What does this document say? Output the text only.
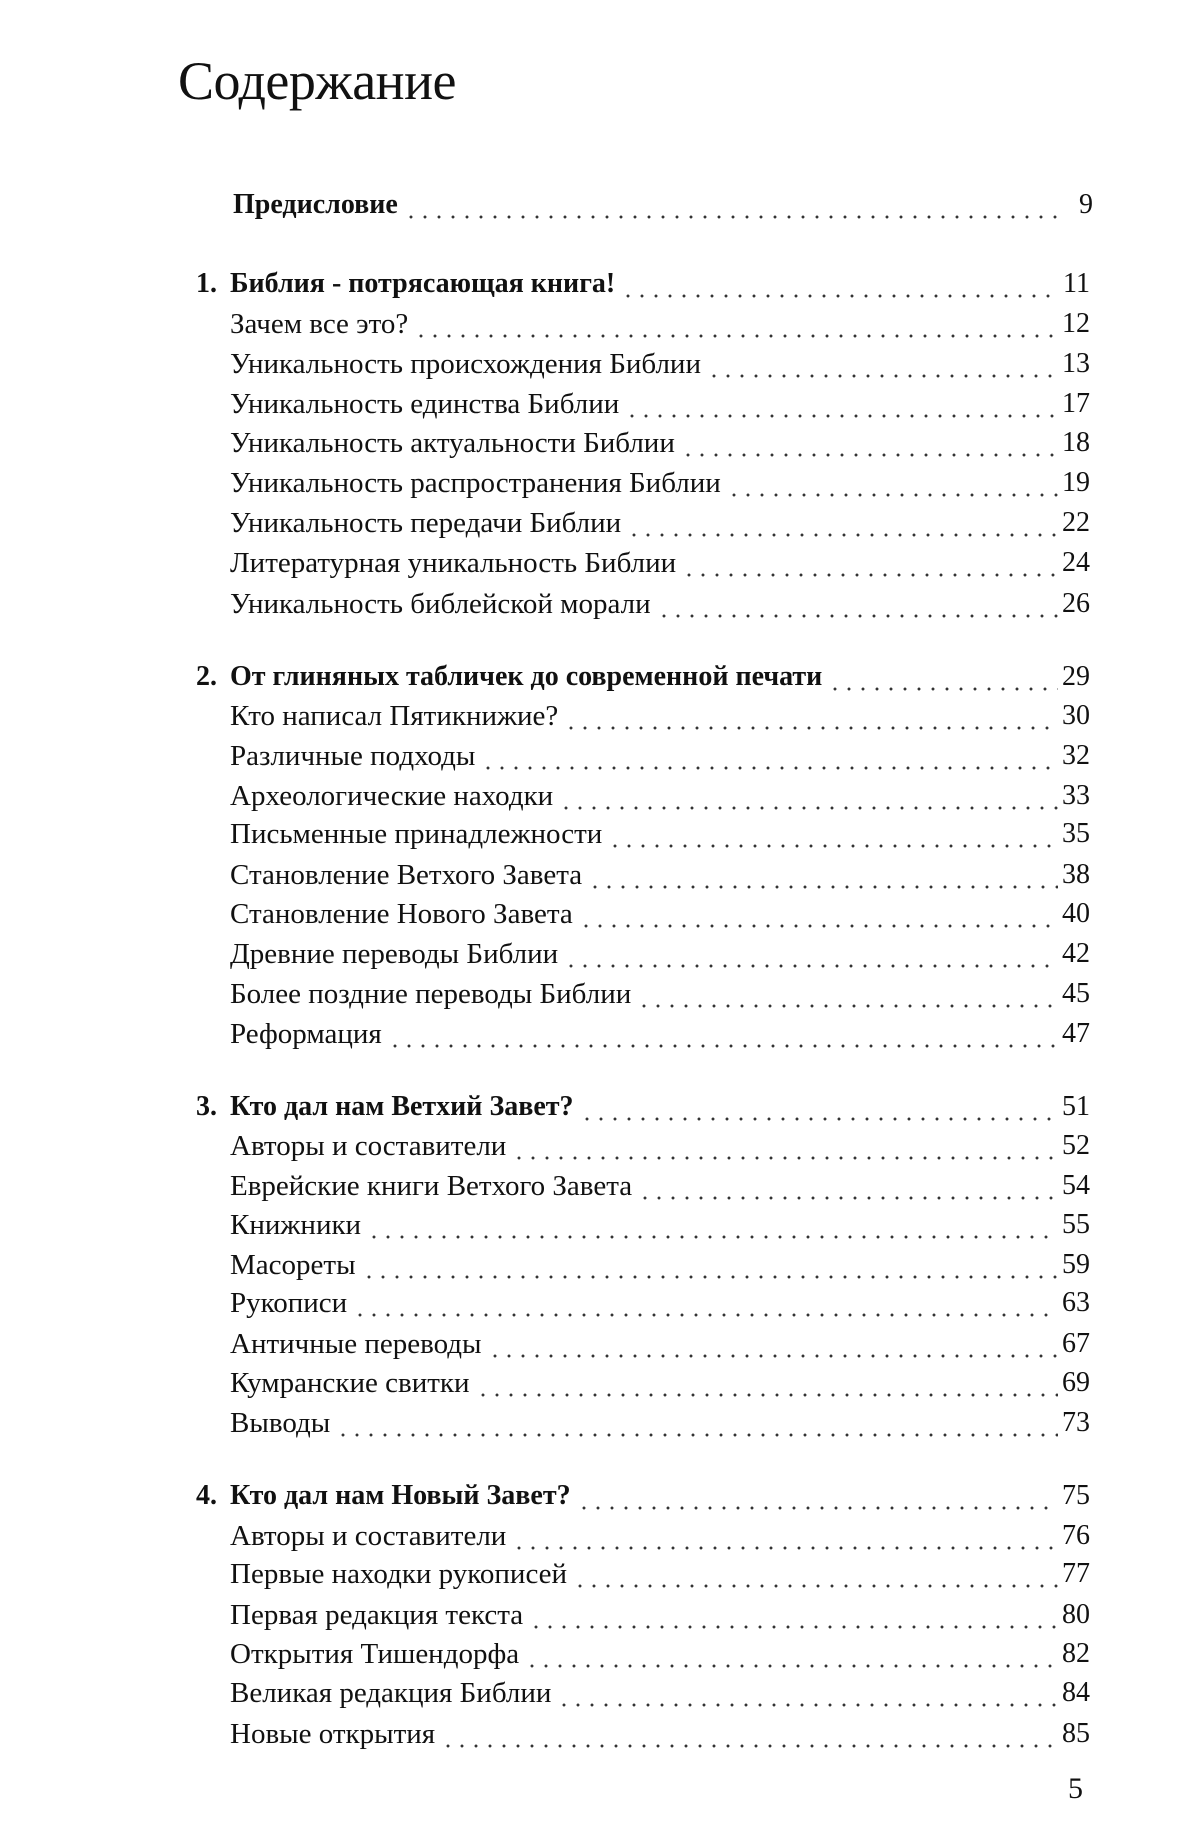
Содержание
Предисловие	9
1. Библия - потрясающая книга!	11
Зачем все это?	12
Уникальность происхождения Библии	13
Уникальность единства Библии	17
Уникальность актуальности Библии	18
Уникальность распространения Библии	19
Уникальность передачи Библии	22
Литературная уникальность Библии	24
Уникальность библейской морали	26
2. От глиняных табличек до современной печати	29
Кто написал Пятикнижие?	30
Различные подходы	32
Археологические находки	33
Письменные принадлежности	35
Становление Ветхого Завета	38
Становление Нового Завета	40
Древние переводы Библии	42
Более поздние переводы Библии	45
Реформация	47
3. Кто дал нам Ветхий Завет?	51
Авторы и составители	52
Еврейские книги Ветхого Завета	54
Книжники	55
Масореты	59
Рукописи	63
Античные переводы	67
Кумранские свитки	69
Выводы	73
4. Кто дал нам Новый Завет?	75
Авторы и составители	76
Первые находки рукописей	77
Первая редакция текста	80
Открытия Тишендорфа	82
Великая редакция Библии	84
Новые открытия	85
5
